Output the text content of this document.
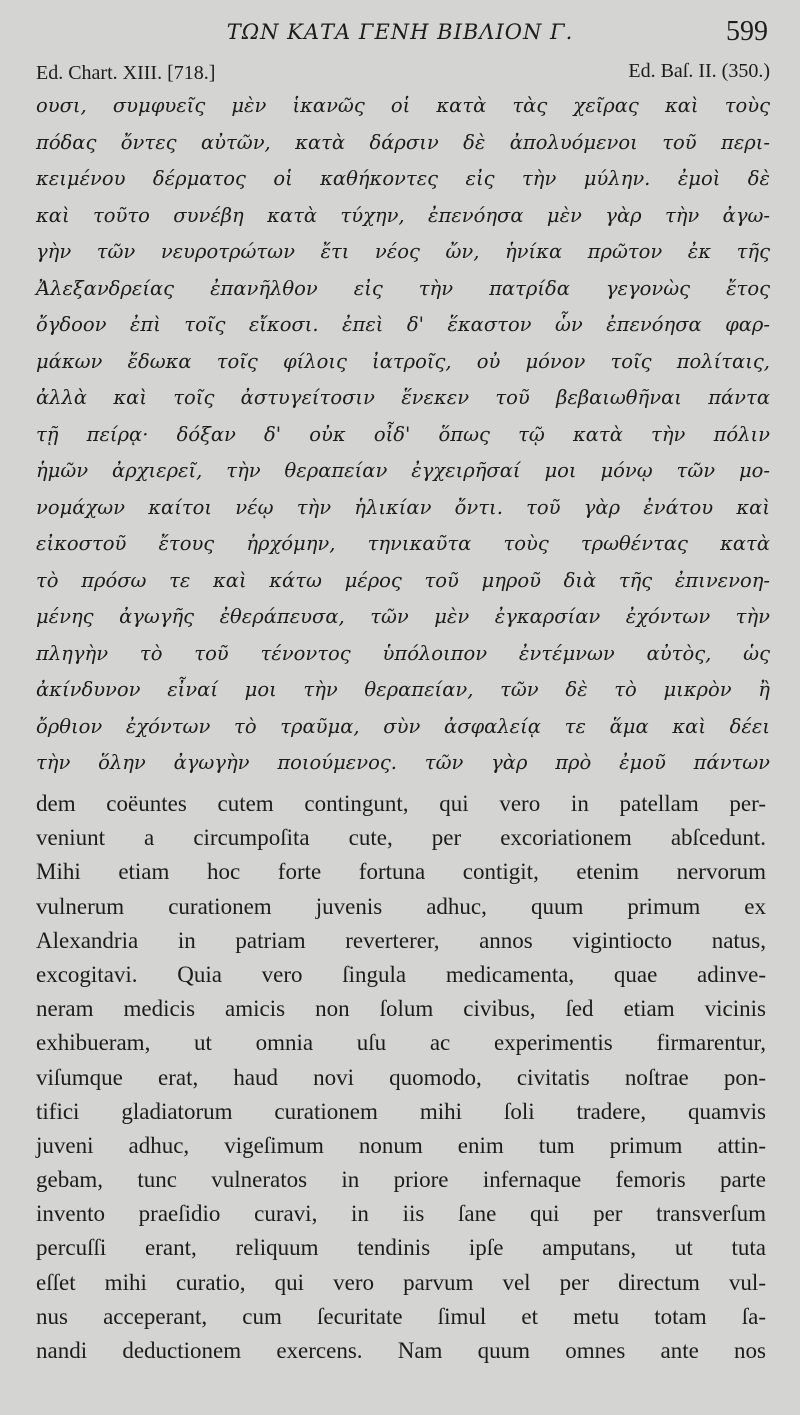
ΤΩΝ ΚΑΤΑ ΓΕΝΗ ΒΙΒΛΙΟΝ Γ.	599
Ed. Chart. XIII. [718.]	Ed. Baſ. II. (350.)
ουσι, συμφυεῖς μὲν ἱκανῶς οἱ κατὰ τὰς χεῖρας καὶ τοὺς
πόδας ὄντες αὐτῶν, κατὰ δάρσιν δὲ ἀπολυόμενοι τοῦ περι-
κειμένου δέρματος οἱ καθήκοντες εἰς τὴν μύλην. ἐμοὶ δὲ
καὶ τοῦτο συνέβη κατὰ τύχην, ἐπενόησα μὲν γὰρ τὴν ἀγω-
γὴν τῶν νευροτρώτων ἔτι νέος ὤν, ἡνίκα πρῶτον ἐκ τῆς
Ἀλεξανδρείας ἐπανῆλθον εἰς τὴν πατρίδα γεγονὼς ἔτος
ὄγδοον ἐπὶ τοῖς εἴκοσι. ἐπεὶ δ' ἕκαστον ὧν ἐπενόησα φαρ-
μάκων ἔδωκα τοῖς φίλοις ἰατροῖς, οὐ μόνον τοῖς πολίταις,
ἀλλὰ καὶ τοῖς ἀστυγείτοσιν ἕνεκεν τοῦ βεβαιωθῆναι πάντα
τῇ πείρᾳ· δόξαν δ' οὐκ οἶδ' ὅπως τῷ κατὰ τὴν πόλιν
ἡμῶν ἀρχιερεῖ, τὴν θεραπείαν ἐγχειρῆσαί μοι μόνῳ τῶν μο-
νομάχων καίτοι νέῳ τὴν ἡλικίαν ὄντι. τοῦ γὰρ ἐνάτου καὶ
εἰκοστοῦ ἔτους ἠρχόμην, τηνικαῦτα τοὺς τρωθέντας κατὰ
τὸ πρόσω τε καὶ κάτω μέρος τοῦ μηροῦ διὰ τῆς ἐπινενοη-
μένης ἀγωγῆς ἐθεράπευσα, τῶν μὲν ἐγκαρσίαν ἐχόντων τὴν
πληγὴν τὸ τοῦ τένοντος ὑπόλοιπον ἐντέμνων αὐτὸς, ὡς
ἀκίνδυνον εἶναί μοι τὴν θεραπείαν, τῶν δὲ τὸ μικρὸν ἢ
ὄρθιον ἐχόντων τὸ τραῦμα, σὺν ἀσφαλείᾳ τε ἅμα καὶ δέει
τὴν ὅλην ἀγωγὴν ποιούμενος. τῶν γὰρ πρὸ ἐμοῦ πάντων
dem coëuntes cutem contingunt, qui vero in patellam per-
veniunt a circumpoſita cute, per excoriationem abſcedunt.
Mihi etiam hoc forte fortuna contigit, etenim nervorum
vulnerum curationem juvenis adhuc, quum primum ex
Alexandria in patriam reverterer, annos vigintiocto natus,
excogitavi. Quia vero ſingula medicamenta, quae adinve-
neram medicis amicis non ſolum civibus, ſed etiam vicinis
exhibueram, ut omnia uſu ac experimentis firmarentur,
viſumque erat, haud novi quomodo, civitatis noſtrae pon-
tifici gladiatorum curationem mihi ſoli tradere, quamvis
juveni adhuc, vigeſimum nonum enim tum primum attin-
gebam, tunc vulneratos in priore infernaque femoris parte
invento praeſidio curavi, in iis ſane qui per transverſum
percuſſi erant, reliquum tendinis ipſe amputans, ut tuta
eſſet mihi curatio, qui vero parvum vel per directum vul-
nus acceperant, cum ſecuritate ſimul et metu totam ſa-
nandi deductionem exercens. Nam quum omnes ante nos
